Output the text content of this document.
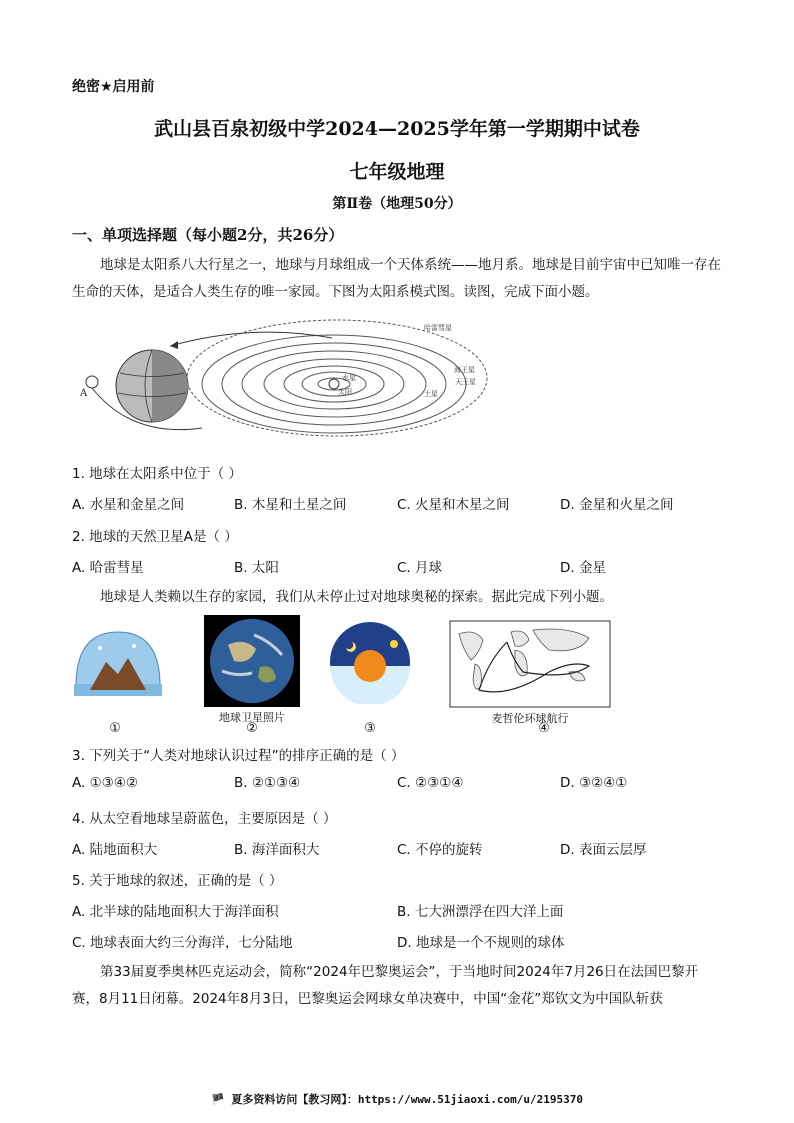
绝密★启用前
武山县百泉初级中学2024—2025学年第一学期期中试卷
七年级地理
第Ⅱ卷（地理50分）
一、单项选择题（每小题2分，共26分）
地球是太阳系八大行星之一，地球与月球组成一个天体系统——地月系。地球是目前宇宙中已知唯一存在生命的天体，是适合人类生存的唯一家园。下图为太阳系模式图。读图，完成下面小题。
A
哈雷彗星
水星
太阳
海王星
天王星
土星
1. 地球在太阳系中位于（ ）
A. 水星和金星之间	B. 木星和土星之间	C. 火星和木星之间	D. 金星和火星之间
2. 地球的天然卫星A是（ ）
A. 哈雷彗星	B. 太阳	C. 月球	D. 金星
地球是人类赖以生存的家园，我们从未停止过对地球奥秘的探索。据此完成下列小题。
①
地球卫星照片
②	③
麦哲伦环球航行
④
3. 下列关于“人类对地球认识过程”的排序正确的是（ ）
A. ①③④②	B. ②①③④	C. ②③①④	D. ③②④①
4. 从太空看地球呈蔚蓝色，主要原因是（ ）
A. 陆地面积大	B. 海洋面积大	C. 不停的旋转	D. 表面云层厚
5. 关于地球的叙述，正确的是（ ）
A. 北半球的陆地面积大于海洋面积	B. 七大洲漂浮在四大洋上面
C. 地球表面大约三分海洋，七分陆地	D. 地球是一个不规则的球体
第33届夏季奥林匹克运动会，简称“2024年巴黎奥运会”，于当地时间2024年7月26日在法国巴黎开赛，8月11日闭幕。2024年8月3日，巴黎奥运会网球女单决赛中，中国“金花”郑钦文为中国队斩获
🏴 夏多资料访问【教习网】：https://www.51jiaoxi.com/u/2195370
